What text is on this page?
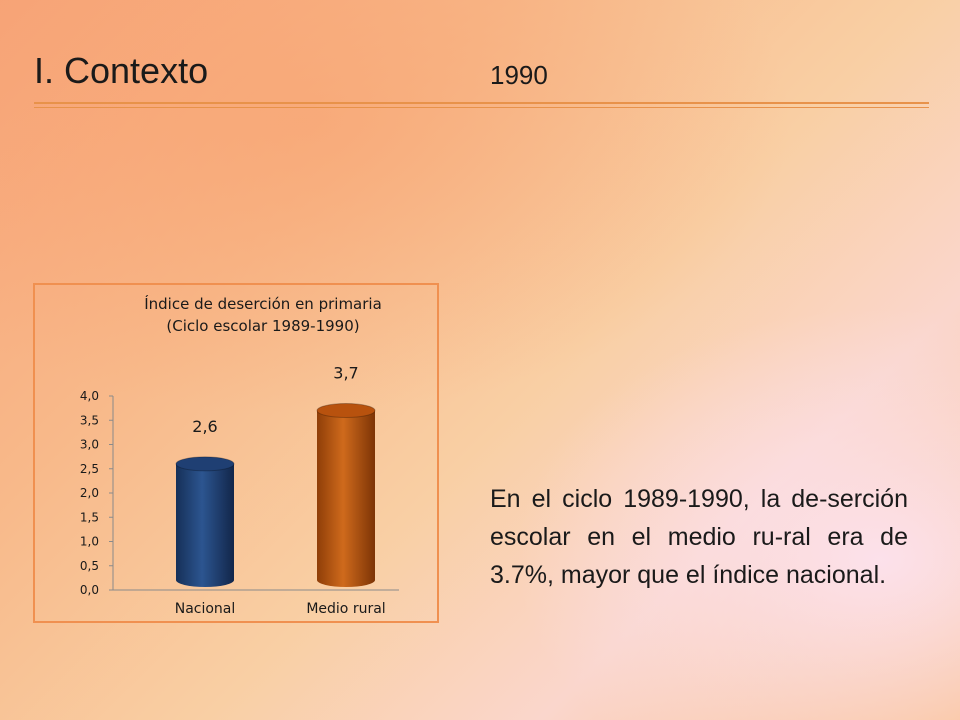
I. Contexto	1990
Índice de deserción en primaria
(Ciclo escolar 1989-1990)
0,0
0,5
1,0
1,5
2,0
2,5
3,0
3,5
4,0
2,6
Nacional
3,7
Medio rural
En el ciclo 1989-1990, la de-serción escolar en el medio ru-ral era de 3.7%, mayor que el índice nacional.
